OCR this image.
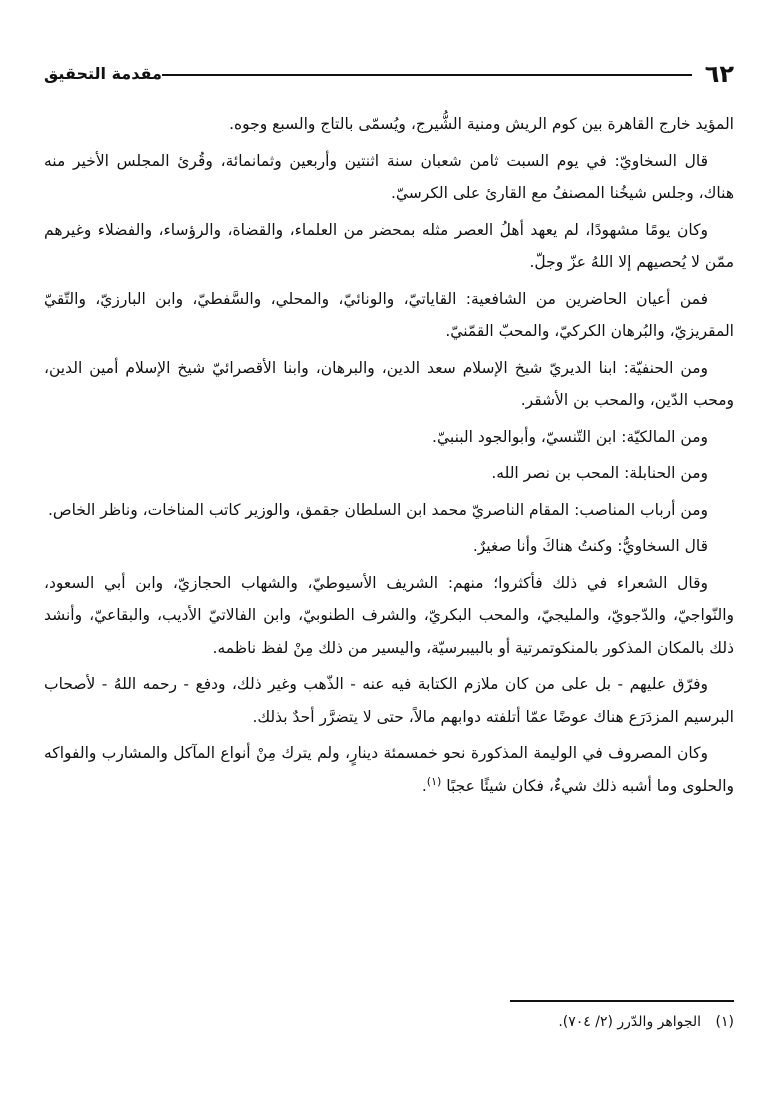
٦٢
مقدمة التحقيق

المؤيد خارج القاهرة بين كوم الريش ومنية الشُّيرج، ويُسمّى بالتاج والسبع وجوه.

قال السخاويّ: في يوم السبت ثامن شعبان سنة اثنتين وأربعين وثمانمائة، وقُرئ المجلس الأخير منه هناك، وجلس شيخُنا المصنفُ مع القارئ على الكرسيّ.

وكان يومًا مشهودًا، لم يعهد أهلُ العصر مثله بمحضر من العلماء، والقضاة، والرؤساء، والفضلاء وغيرهم ممّن لا يُحصيهم إلا اللهُ عزّ وجلّ.

فمن أعيان الحاضرين من الشافعية: القاياتيّ، والونائيّ، والمحلي، والسَّفطيّ، وابن البارزيّ، والتّقيّ المقريزيّ، والبُرهان الكركيّ، والمحبّ القمّنيّ.

ومن الحنفيّة: ابنا الديريّ شيخ الإسلام سعد الدين، والبرهان، وابنا الأقصرائيّ شيخ الإسلام أمين الدين، ومحب الدّين، والمحب بن الأشقر.

ومن المالكيّة: ابن التّنسيّ، وأبوالجود البنبيّ.

ومن الحنابلة: المحب بن نصر الله.

ومن أرباب المناصب: المقام الناصريّ محمد ابن السلطان جقمق، والوزير كاتب المناخات، وناظر الخاص.

قال السخاويُّ: وكنتُ هناكَ وأنا صغيرٌ.

وقال الشعراء في ذلك فأكثروا؛ منهم: الشريف الأسيوطيّ، والشهاب الحجازيّ، وابن أبي السعود، والنّواجيّ، والدّجويّ، والمليجيّ، والمحب البكريّ، والشرف الطنوبيّ، وابن الفالاتيّ الأديب، والبقاعيّ، وأنشد ذلك بالمكان المذكور بالمنكوتمرتية أو بالبيبرسيّة، واليسير من ذلك مِنْ لفظ ناظمه.

وفرّق عليهم - بل على من كان ملازم الكتابة فيه عنه - الذّهب وغير ذلك، ودفع - رحمه اللهُ - لأصحاب البرسيم المزدَرَع هناك عوضًا عمّا أتلفته دوابهم مالاً، حتى لا يتضرَّر أحدٌ بذلك.

وكان المصروف في الوليمة المذكورة نحو خمسمئة دينارٍ، ولم يترك مِنْ أنواع المآكل والمشارب والفواكه والحلوى وما أشبه ذلك شيءٌ، فكان شيئًا عجبًا $^{(١)}$.

(١) الجواهر والدّرر (٢/ ٧٠٤).
